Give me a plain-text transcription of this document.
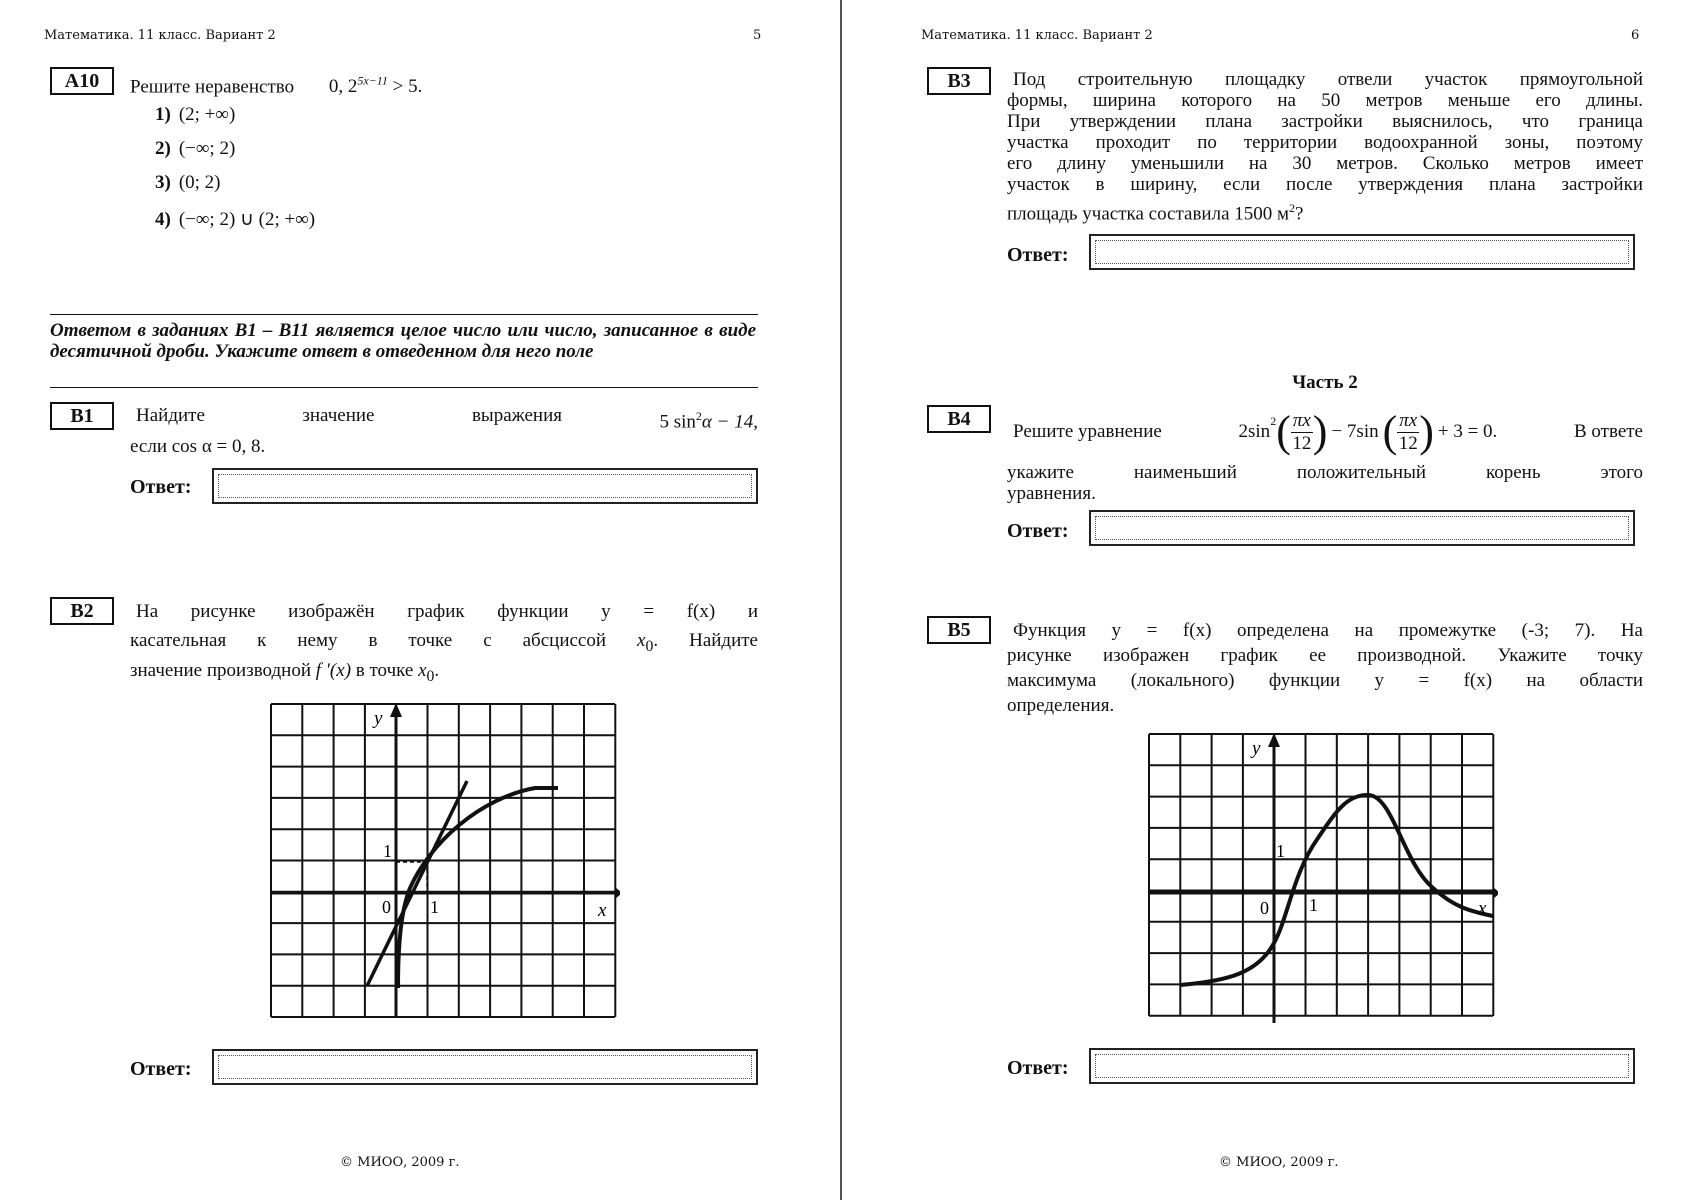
Математика. 11 класс. Вариант 2	5
А10	Решите неравенство 0, $2^{5x-11} > 5$.
1) (2; +∞)
2) (−∞; 2)
3) (0; 2)
4) (−∞; 2) ∪ (2; +∞)
Ответом в заданиях В1 – В11 является целое число или число, записанное в виде десятичной дроби. Укажите ответ в отведенном для него поле
В1	Найдите	значение	выражения	5 $\sin^2\alpha - 14$,
если cos α = 0, 8.
Ответ:
В2	На рисунке изображён график функции y = f(x) и
касательная к нему в точке с абсциссой $x_0$. Найдите
значение производной f ′(x) в точке $x_0$.
y
x
0 1
1
Ответ:
© МИОО, 2009 г.
Математика. 11 класс. Вариант 2	6
В3	Под строительную площадку отвели участок прямоугольной
формы, ширина которого на 50 метров меньше его длины.
При утверждении плана застройки выяснилось, что граница
участка проходит по территории водоохранной зоны, поэтому
его длину уменьшили на 30 метров. Сколько метров имеет
участок в ширину, если после утверждения плана застройки
площадь участка составила 1500 $м^2$?
Ответ:
Часть 2
В4
Решите уравнение	2sin
$^2$ ( $\frac{\pi x}{12}$ ) − 7sin ( $\frac{\pi x}{12}$ ) + 3 = 0.	В ответе
укажите наименьший положительный корень этого
уравнения.
Ответ:
В5	Функция y = f(x) определена на промежутке (-3; 7). На
рисунке изображен график ее производной. Укажите точку
максимума (локального) функции y = f(x) на области
определения.
y
x
0 1
1
Ответ:
© МИОО, 2009 г.
